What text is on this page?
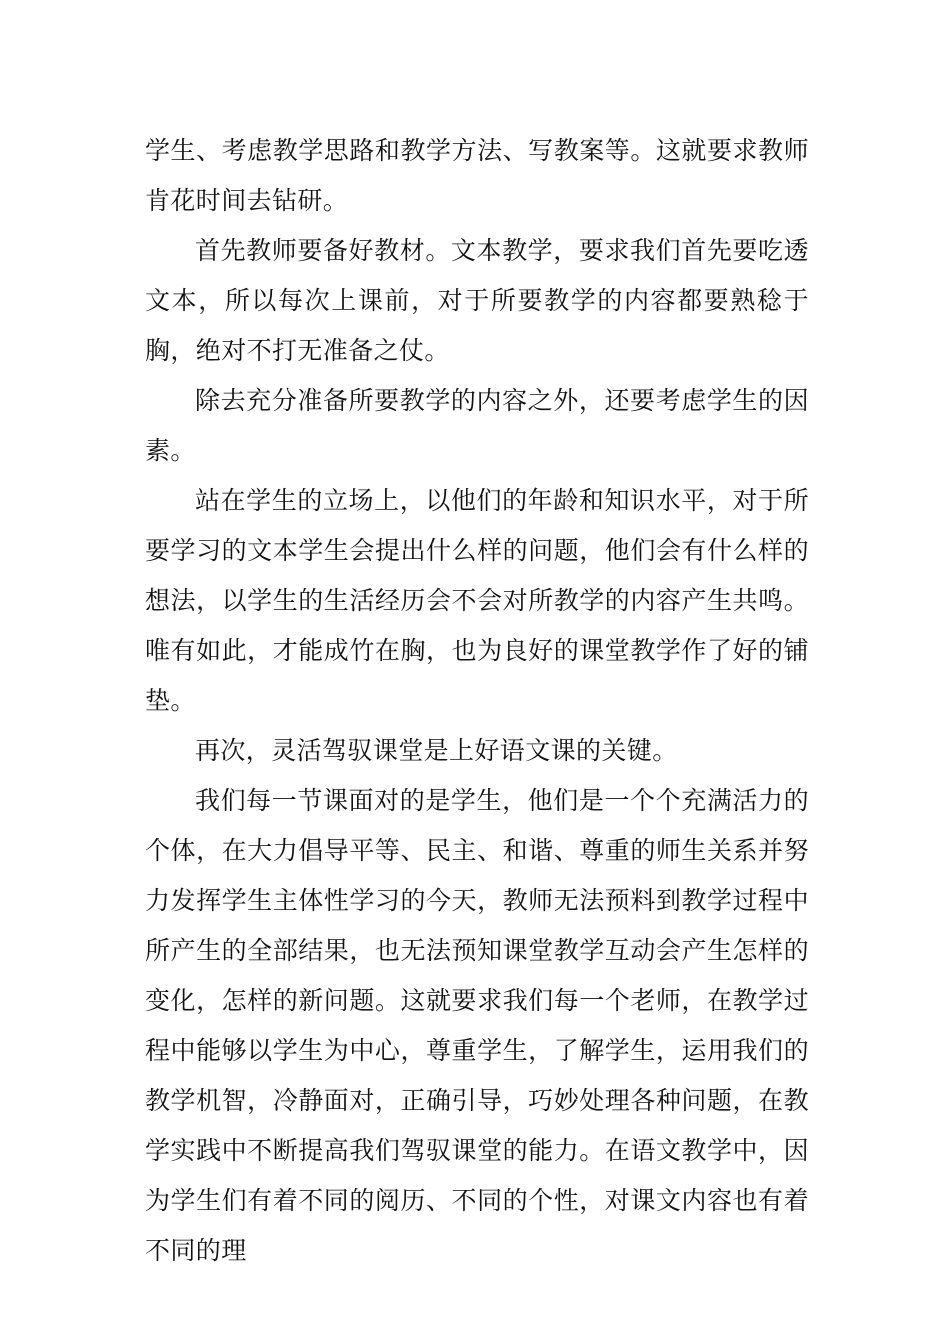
学生、考虑教学思路和教学方法、写教案等。这就要求教师肯花时间去钻研。

首先教师要备好教材。文本教学，要求我们首先要吃透文本，所以每次上课前，对于所要教学的内容都要熟稔于胸，绝对不打无准备之仗。

除去充分准备所要教学的内容之外，还要考虑学生的因素。

站在学生的立场上，以他们的年龄和知识水平，对于所要学习的文本学生会提出什么样的问题，他们会有什么样的想法，以学生的生活经历会不会对所教学的内容产生共鸣。唯有如此，才能成竹在胸，也为良好的课堂教学作了好的铺垫。

再次，灵活驾驭课堂是上好语文课的关键。

我们每一节课面对的是学生，他们是一个个充满活力的个体，在大力倡导平等、民主、和谐、尊重的师生关系并努力发挥学生主体性学习的今天，教师无法预料到教学过程中所产生的全部结果，也无法预知课堂教学互动会产生怎样的变化，怎样的新问题。这就要求我们每一个老师，在教学过程中能够以学生为中心，尊重学生，了解学生，运用我们的教学机智，冷静面对，正确引导，巧妙处理各种问题，在教学实践中不断提高我们驾驭课堂的能力。在语文教学中，因为学生们有着不同的阅历、不同的个性，对课文内容也有着不同的理
